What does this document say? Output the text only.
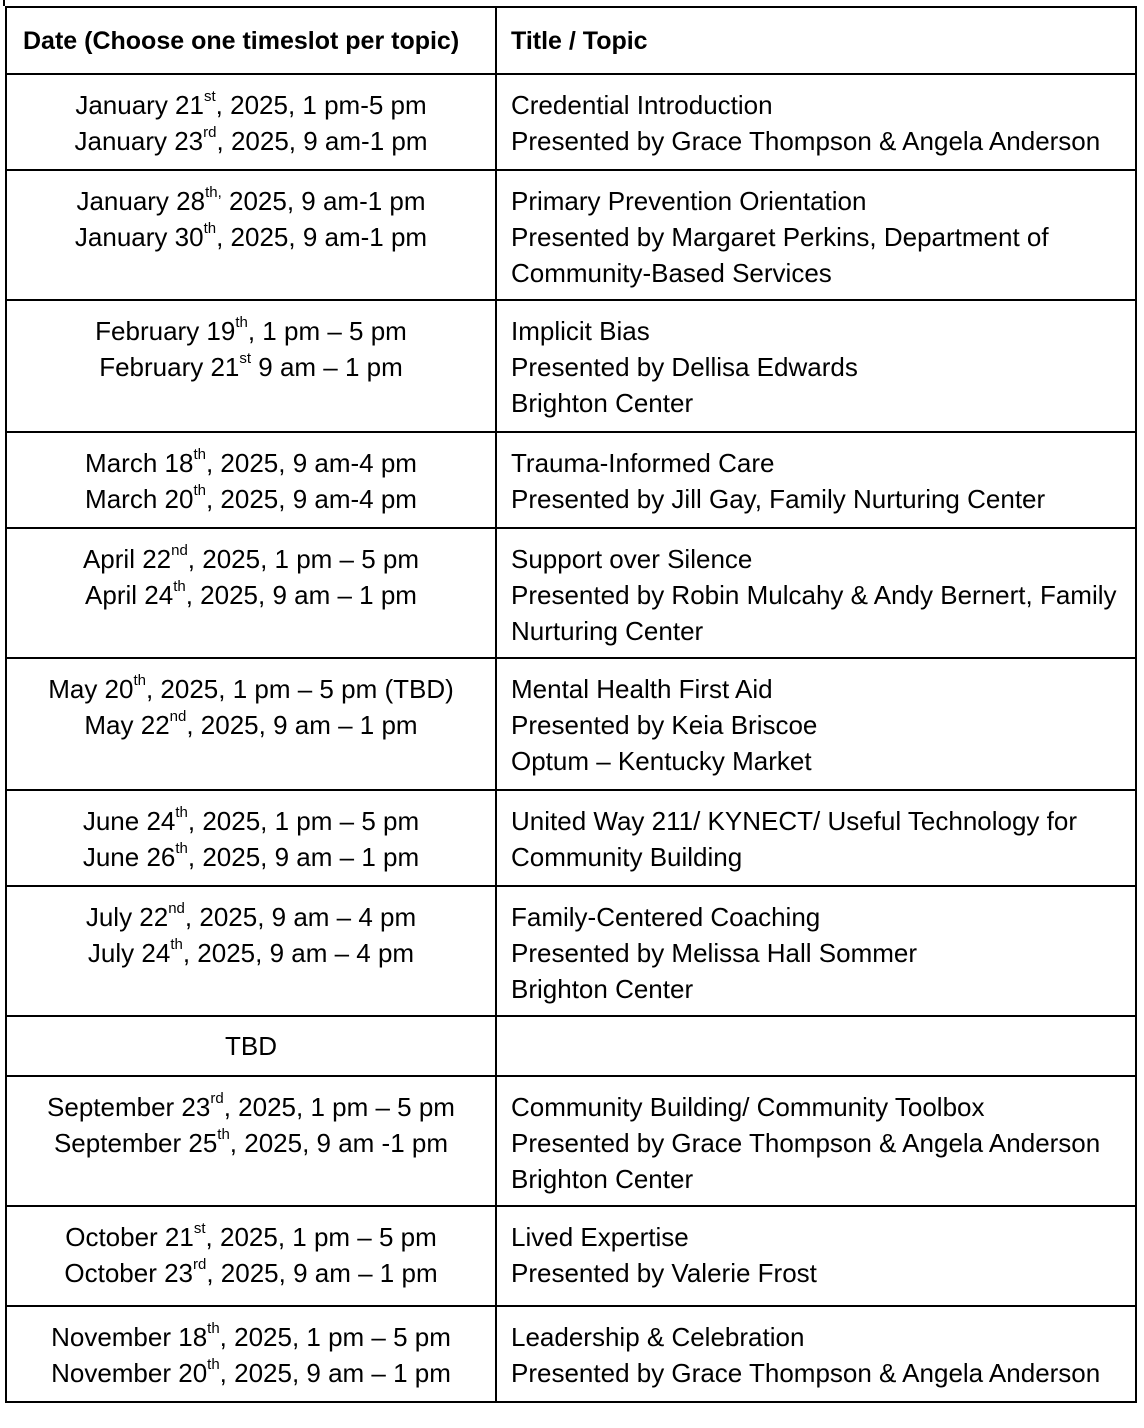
Date (Choose one timeslot per topic)	Title / Topic

January 21st, 2025, 1 pm-5 pm
January 23rd, 2025, 9 am-1 pm	Credential Introduction
Presented by Grace Thompson & Angela Anderson

January $28^{th,}$ 2025, 9 am-1 pm
January 30th, 2025, 9 am-1 pm	Primary Prevention Orientation
Presented by Margaret Perkins, Department of Community-Based Services

February 19th, 1 pm – 5 pm
February 21st 9 am – 1 pm	Implicit Bias
Presented by Dellisa Edwards
Brighton Center

March 18th, 2025, 9 am-4 pm
March 20th, 2025, 9 am-4 pm	Trauma-Informed Care
Presented by Jill Gay, Family Nurturing Center

April 22nd, 2025, 1 pm – 5 pm
April 24th, 2025, 9 am – 1 pm	Support over Silence
Presented by Robin Mulcahy & Andy Bernert, Family Nurturing Center

May 20th, 2025, 1 pm – 5 pm (TBD)
May 22nd, 2025, 9 am – 1 pm	Mental Health First Aid
Presented by Keia Briscoe
Optum – Kentucky Market

June 24th, 2025, 1 pm – 5 pm
June 26th, 2025, 9 am – 1 pm	United Way 211/ KYNECT/ Useful Technology for Community Building

July 22nd, 2025, 9 am – 4 pm
July 24th, 2025, 9 am – 4 pm	Family-Centered Coaching
Presented by Melissa Hall Sommer
Brighton Center

TBD	

September 23rd, 2025, 1 pm – 5 pm
September 25th, 2025, 9 am -1 pm	Community Building/ Community Toolbox
Presented by Grace Thompson & Angela Anderson
Brighton Center

October 21st, 2025, 1 pm – 5 pm
October 23rd, 2025, 9 am – 1 pm	Lived Expertise
Presented by Valerie Frost

November 18th, 2025, 1 pm – 5 pm
November 20th, 2025, 9 am – 1 pm	Leadership & Celebration
Presented by Grace Thompson & Angela Anderson
